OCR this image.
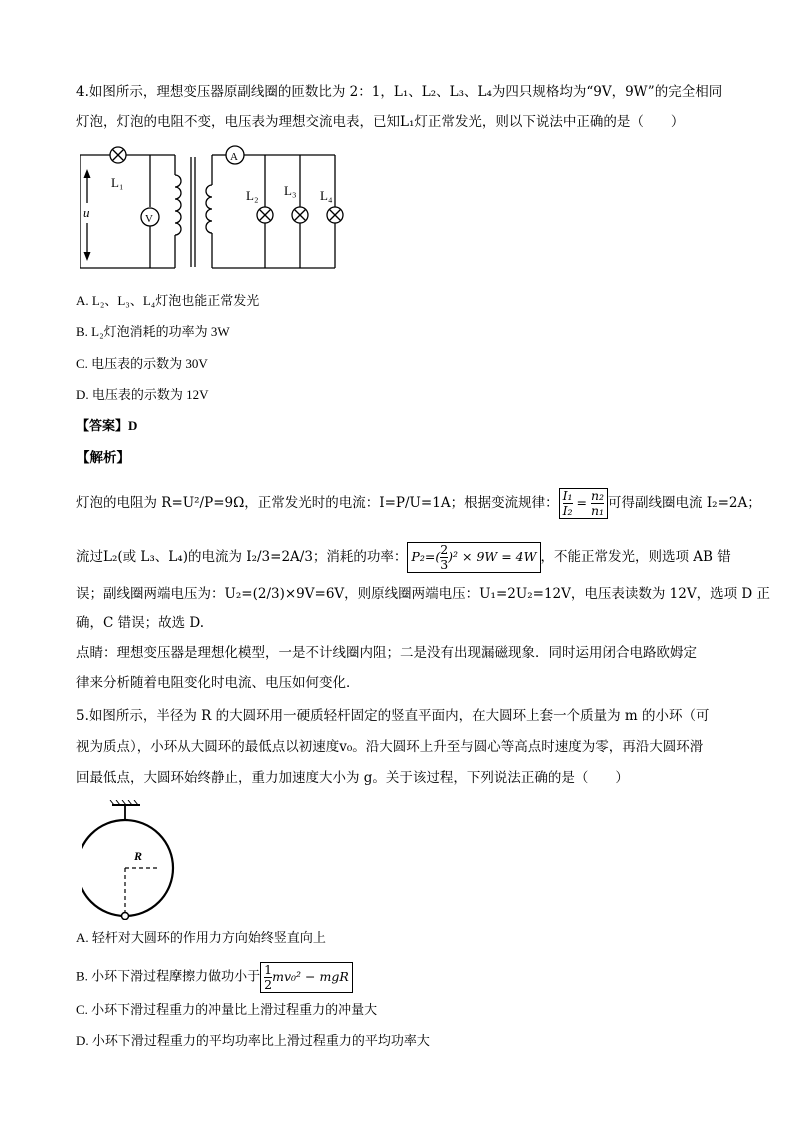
4.如图所示，理想变压器原副线圈的匝数比为 2：1，L₁、L₂、L₃、L₄为四只规格均为“9V，9W”的完全相同
灯泡，灯泡的电阻不变，电压表为理想交流电表，已知L₁灯正常发光，则以下说法中正确的是（　　）
L₁
u	V
A
L₂ L₃ L₄
A. L₂、L₃、L₄灯泡也能正常发光
B. L₂灯泡消耗的功率为 3W
C. 电压表的示数为 30V
D. 电压表的示数为 12V
【答案】D
【解析】
灯泡的电阻为 R=U²/P=9Ω，正常发光时的电流：I=P/U=1A；根据变流规律： $\frac{\text{I₁}}{\text{I₂}} = \frac{\text{n₂}}{\text{n₁}}$ 可得副线圈电流 I₂=2A；
流过L₂(或 L₃、L₄)的电流为 I₂/3=2A/3；消耗的功率： $P_2=( \frac{2}{3} )^2 \times 9W = 4W$ ，不能正常发光，则选项 AB 错
误；副线圈两端电压为：U₂=(2/3)×9V=6V，则原线圈两端电压：U₁=2U₂=12V，电压表读数为 12V，选项 D 正
确，C 错误；故选 D.
点睛：理想变压器是理想化模型，一是不计线圈内阻；二是没有出现漏磁现象．同时运用闭合电路欧姆定
律来分析随着电阻变化时电流、电压如何变化．
5.如图所示，半径为 R 的大圆环用一硬质轻杆固定的竖直平面内，在大圆环上套一个质量为 m 的小环（可
视为质点），小环从大圆环的最低点以初速度v₀。沿大圆环上升至与圆心等高点时速度为零，再沿大圆环滑
回最低点，大圆环始终静止，重力加速度大小为 g。关于该过程，下列说法正确的是（　　）
R
A. 轻杆对大圆环的作用力方向始终竖直向上
B. 小环下滑过程摩擦力做功小于 $\frac{1}{2} mv_0^2$ − mgR
C. 小环下滑过程重力的冲量比上滑过程重力的冲量大
D. 小环下滑过程重力的平均功率比上滑过程重力的平均功率大
